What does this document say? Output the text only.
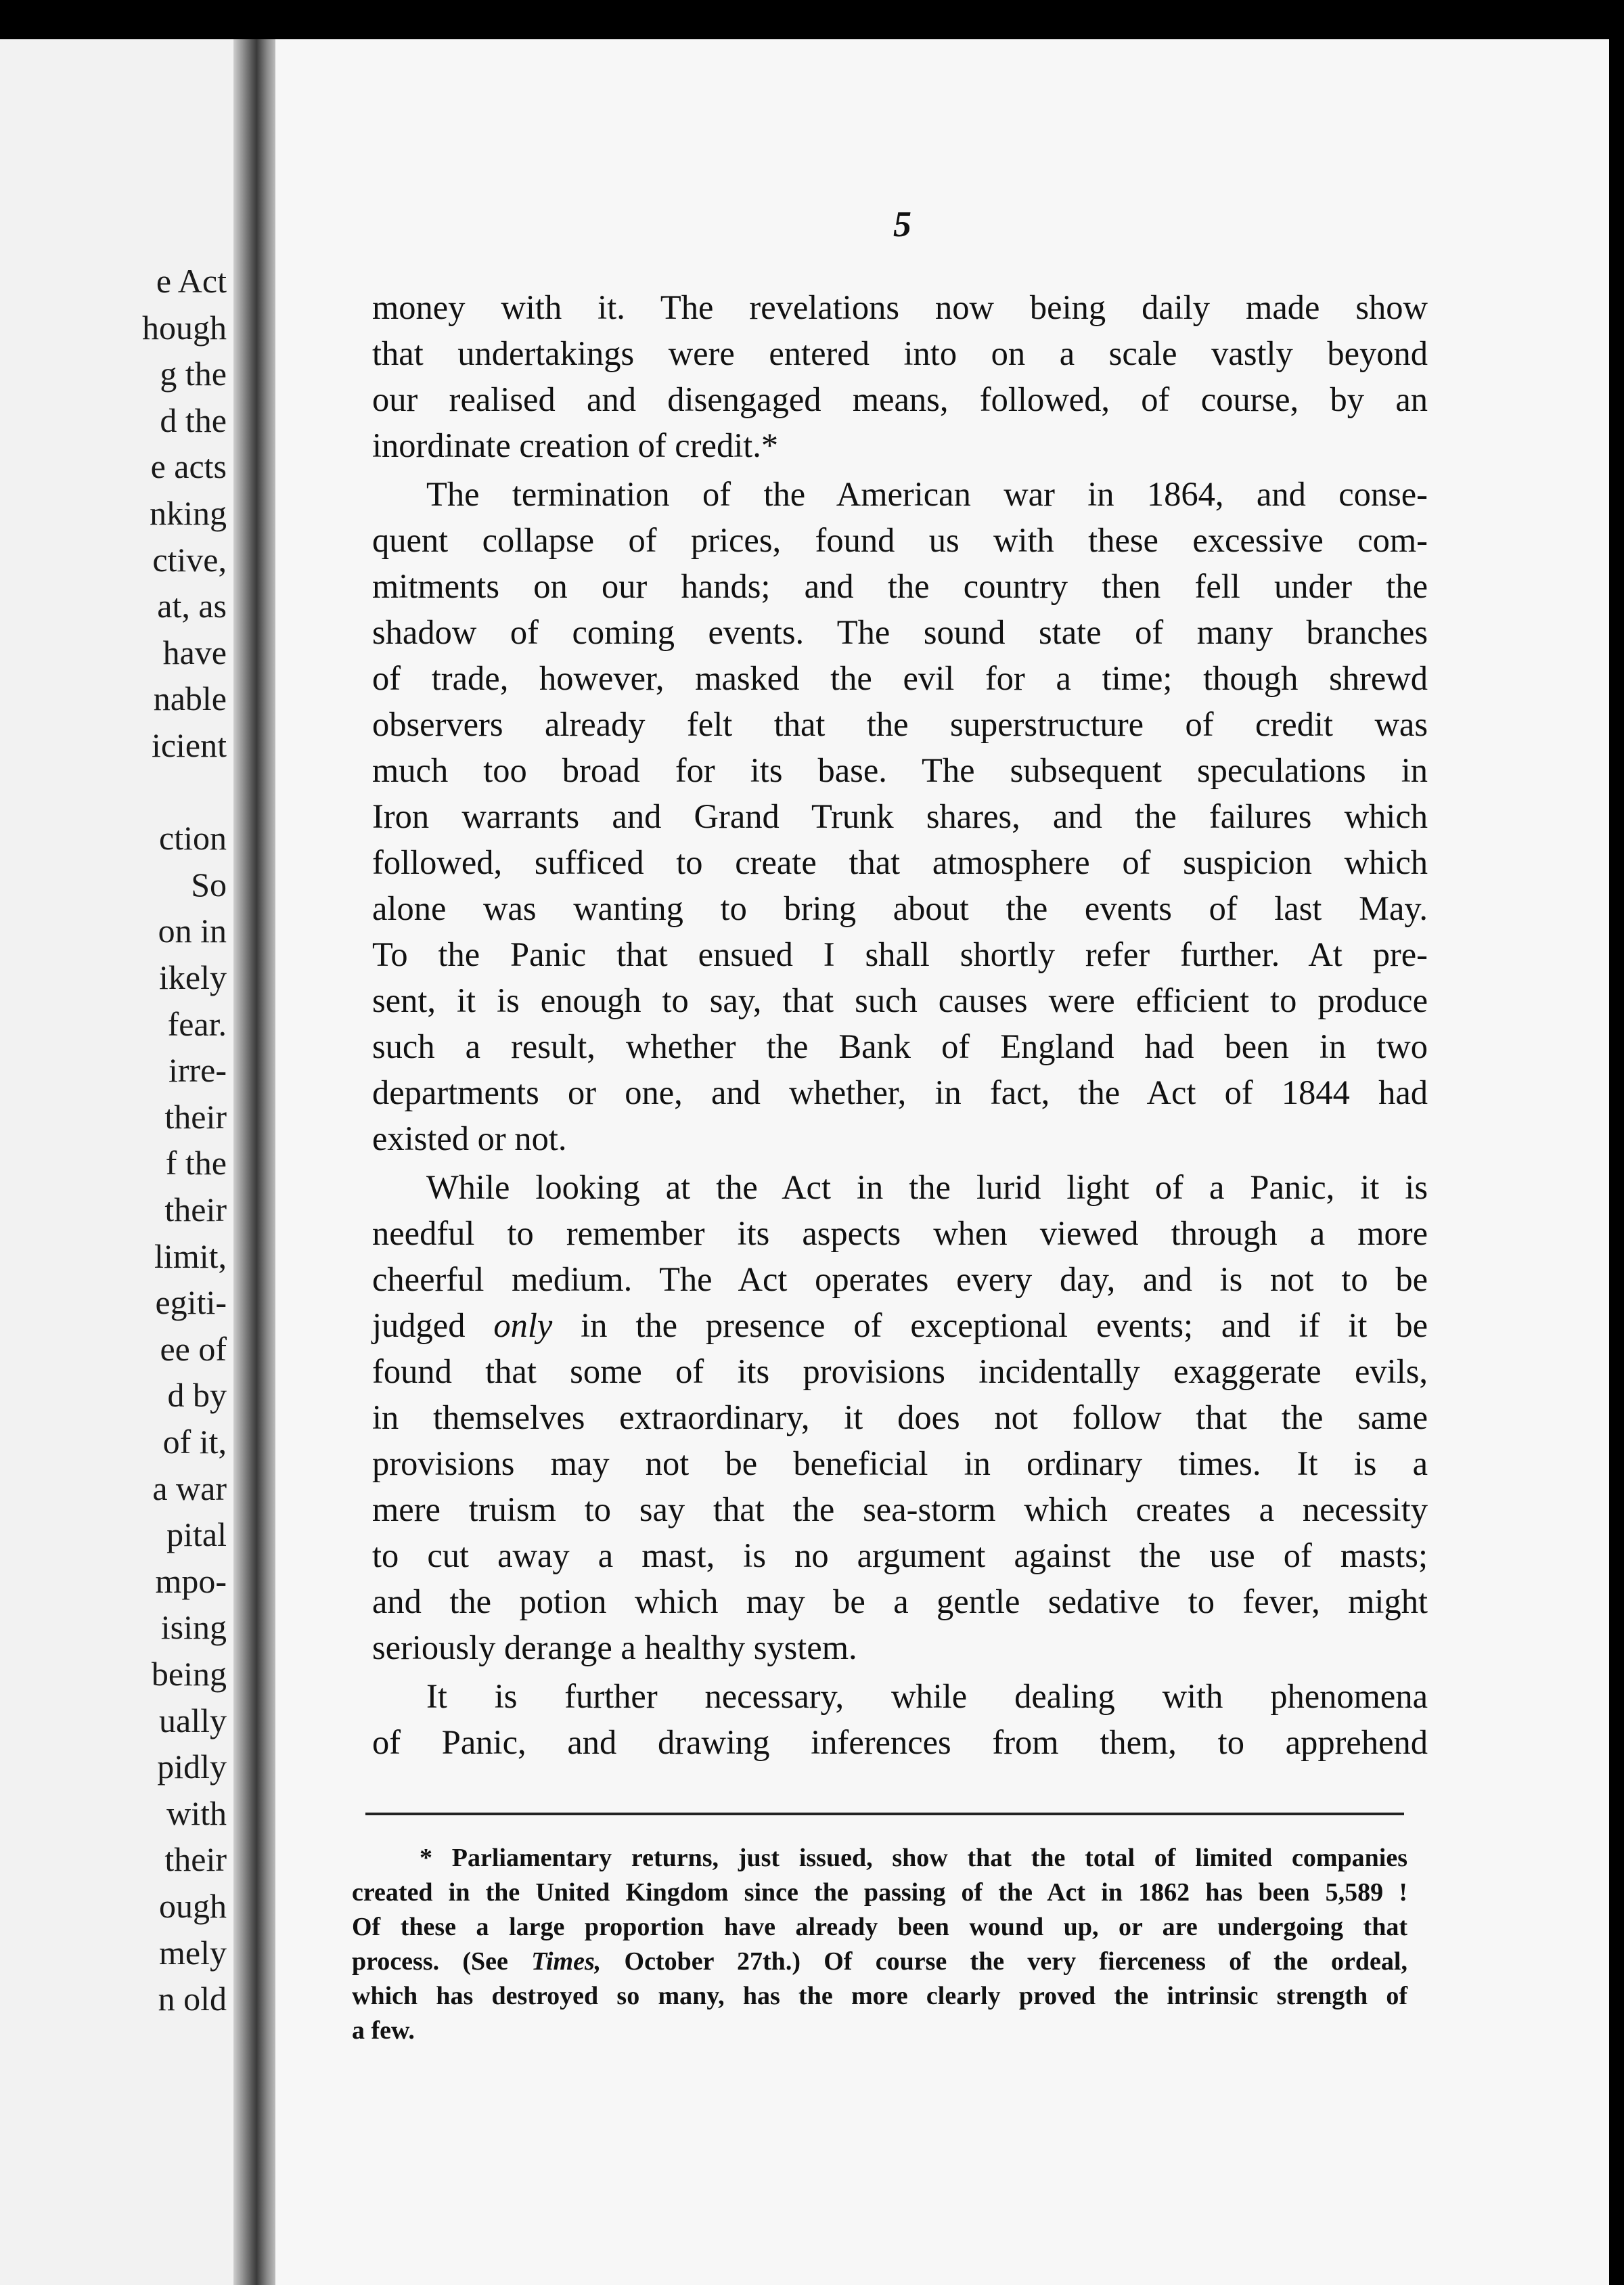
e Act
hough
g the
d the
e acts
nking
ctive,
at, as
have
nable
icient
ction
So
on in
ikely
fear.
irre-
their
f the
their
limit,
egiti-
ee of
d by
of it,
a war
pital
mpo-
ising
being
ually
pidly
with
their
ough
mely
n old
5
money with it. The revelations now being daily made show
that undertakings were entered into on a scale vastly beyond
our realised and disengaged means, followed, of course, by an
inordinate creation of credit.*
The termination of the American war in 1864, and conse-
quent collapse of prices, found us with these excessive com-
mitments on our hands; and the country then fell under the
shadow of coming events. The sound state of many branches
of trade, however, masked the evil for a time; though shrewd
observers already felt that the superstructure of credit was
much too broad for its base. The subsequent speculations in
Iron warrants and Grand Trunk shares, and the failures which
followed, sufficed to create that atmosphere of suspicion which
alone was wanting to bring about the events of last May.
To the Panic that ensued I shall shortly refer further. At pre-
sent, it is enough to say, that such causes were efficient to produce
such a result, whether the Bank of England had been in two
departments or one, and whether, in fact, the Act of 1844 had
existed or not.
While looking at the Act in the lurid light of a Panic, it is
needful to remember its aspects when viewed through a more
cheerful medium. The Act operates every day, and is not to be
judged only in the presence of exceptional events; and if it be
found that some of its provisions incidentally exaggerate evils,
in themselves extraordinary, it does not follow that the same
provisions may not be beneficial in ordinary times. It is a
mere truism to say that the sea-storm which creates a necessity
to cut away a mast, is no argument against the use of masts;
and the potion which may be a gentle sedative to fever, might
seriously derange a healthy system.
It is further necessary, while dealing with phenomena
of Panic, and drawing inferences from them, to apprehend
* Parliamentary returns, just issued, show that the total of limited companies
created in the United Kingdom since the passing of the Act in 1862 has been 5,589 !
Of these a large proportion have already been wound up, or are undergoing that
process. (See Times, October 27th.) Of course the very fierceness of the ordeal,
which has destroyed so many, has the more clearly proved the intrinsic strength of
a few.
